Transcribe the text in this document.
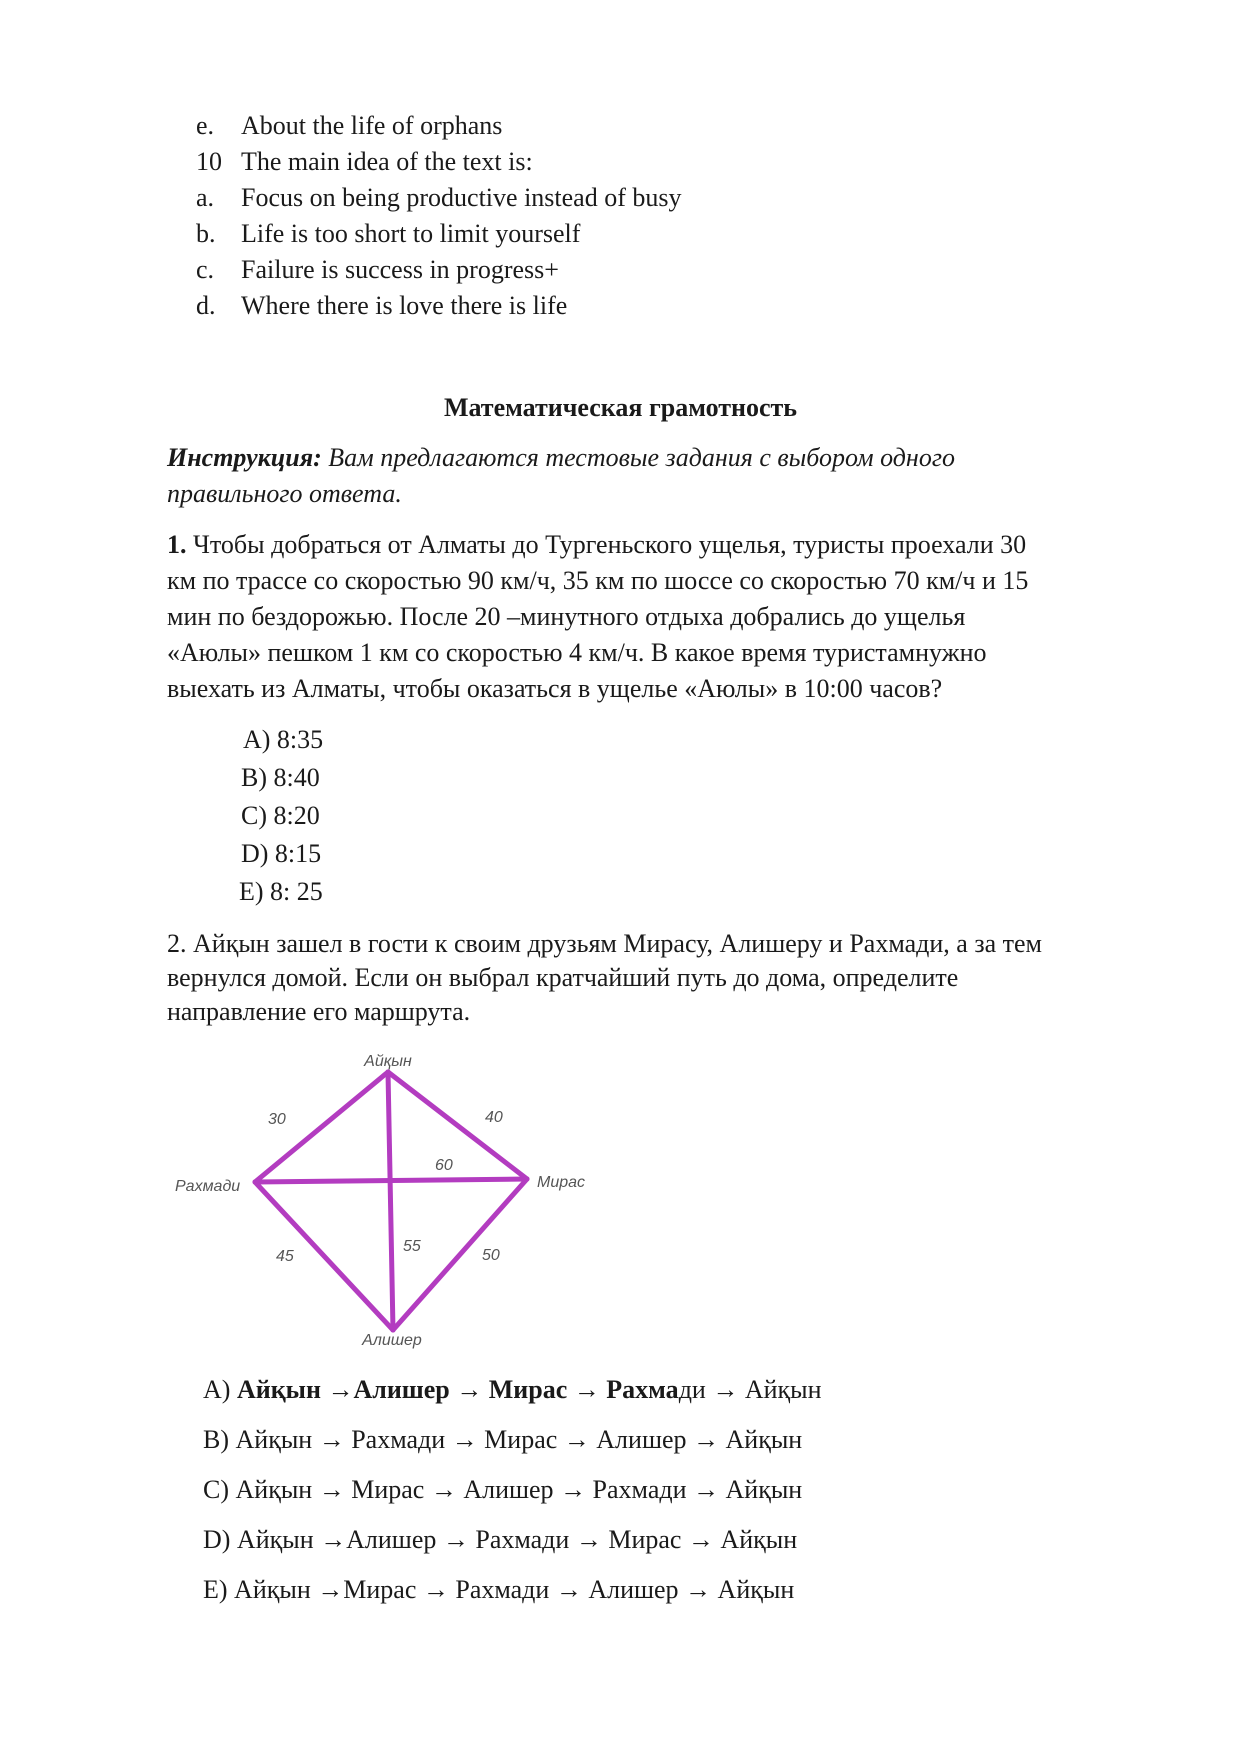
e. About the life of orphans
10 The main idea of the text is:
a. Focus on being productive instead of busy
b. Life is too short to limit yourself
c. Failure is success in progress+
d. Where there is love there is life
Математическая грамотность
Инструкция: Вам предлагаются тестовые задания с выбором одного
правильного ответа.
1. Чтобы добраться от Алматы до Тургеньского ущелья, туристы проехали 30
км по трассе со скоростью 90 км/ч, 35 км по шоссе со скоростью 70 км/ч и 15
мин по бездорожью. После 20 –минутного отдыха добрались до ущелья
«Аюлы» пешком 1 км со скоростью 4 км/ч. В какое время туристамнужно
выехать из Алматы, чтобы оказаться в ущелье «Аюлы» в 10:00 часов?
A) 8:35
B) 8:40
C) 8:20
D) 8:15
E) 8: 25
2. Айқын зашел в гости к своим друзьям Мирасу, Алишеру и Рахмади, а за тем
вернулся домой. Если он выбрал кратчайший путь до дома, определите
направление его маршрута.
Айқын
Рахмади	Мирас
Алишер
30	40
60
45
55
50
A) Айқын →Алишер → Мирас → Рахмади → Айқын
B) Айқын → Рахмади → Мирас → Алишер → Айқын
C) Айқын → Мирас → Алишер → Рахмади → Айқын
D) Айқын →Алишер → Рахмади → Мирас → Айқын
E) Айқын →Мирас → Рахмади → Алишер → Айқын
